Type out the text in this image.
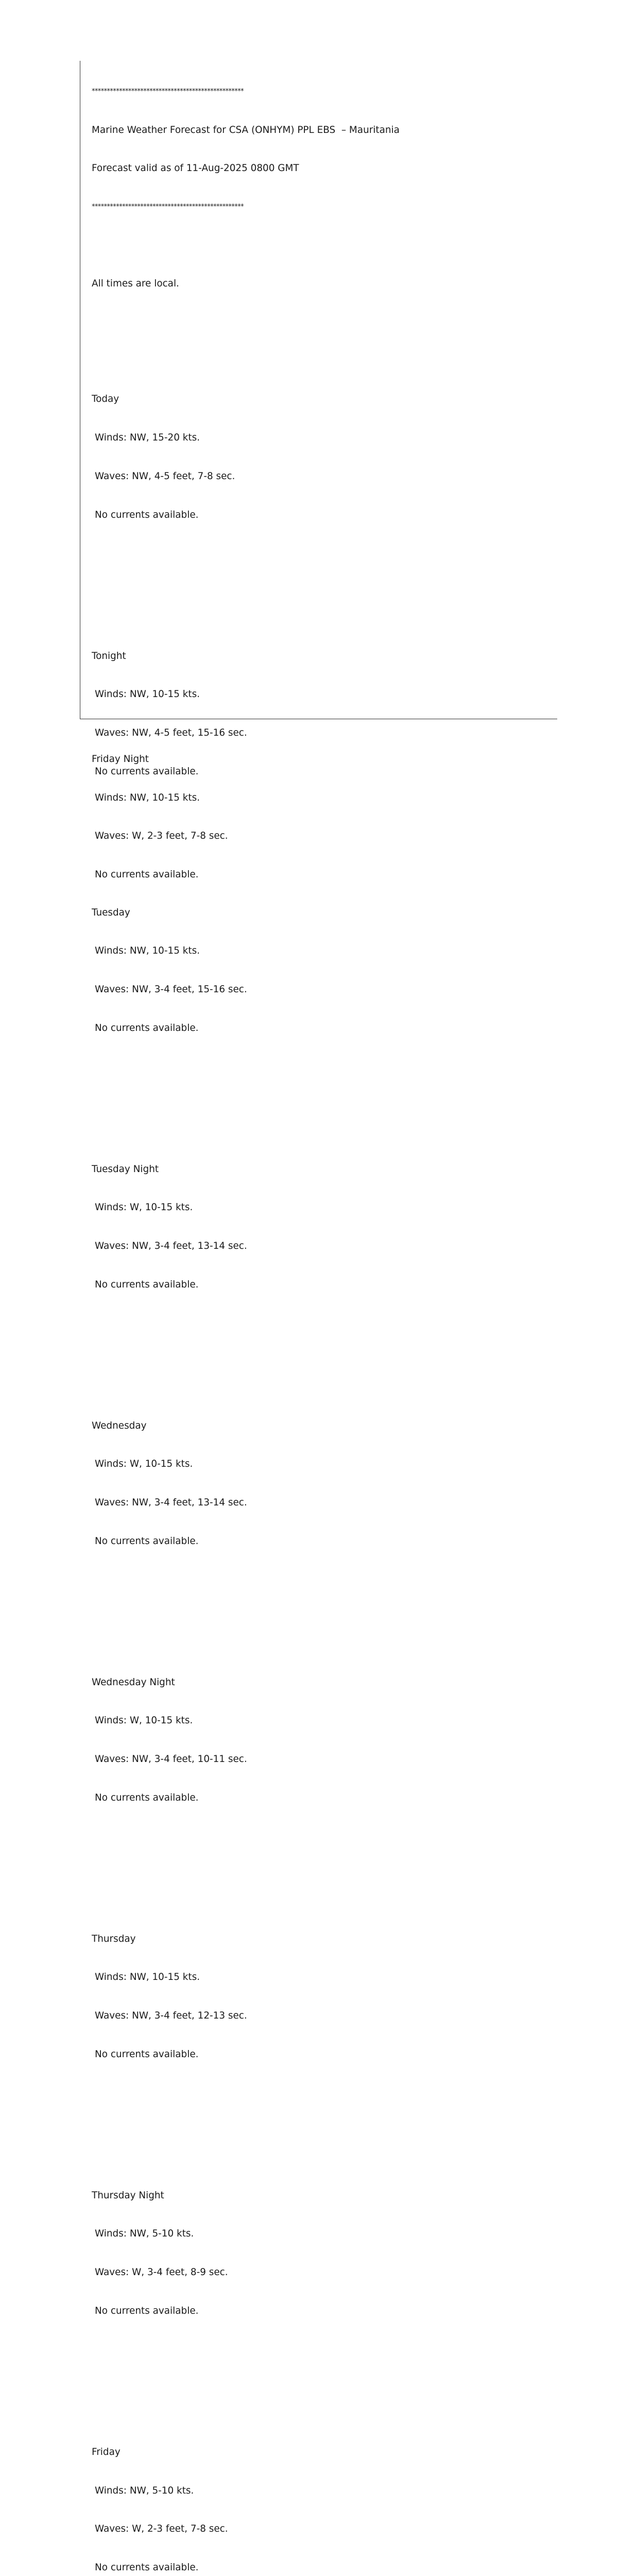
**************************************************

Marine Weather Forecast for CSA (ONHYM) PPL EBS  – Mauritania

Forecast valid as of 11-Aug-2025 0800 GMT

**************************************************

All times are local.

Today

Winds: NW, 15-20 kts.

Waves: NW, 4-5 feet, 7-8 sec.

No currents available.

Tonight

Winds: NW, 10-15 kts.

Waves: NW, 4-5 feet, 15-16 sec.

No currents available.

Tuesday

Winds: NW, 10-15 kts.

Waves: NW, 3-4 feet, 15-16 sec.

No currents available.

Tuesday Night

Winds: W, 10-15 kts.

Waves: NW, 3-4 feet, 13-14 sec.

No currents available.

Wednesday

Winds: W, 10-15 kts.

Waves: NW, 3-4 feet, 13-14 sec.

No currents available.

Wednesday Night

Winds: W, 10-15 kts.

Waves: NW, 3-4 feet, 10-11 sec.

No currents available.

Thursday

Winds: NW, 10-15 kts.

Waves: NW, 3-4 feet, 12-13 sec.

No currents available.

Thursday Night

Winds: NW, 5-10 kts.

Waves: W, 3-4 feet, 8-9 sec.

No currents available.

Friday

Winds: NW, 5-10 kts.

Waves: W, 2-3 feet, 7-8 sec.

No currents available.

Friday Night

Winds: NW, 10-15 kts.

Waves: W, 2-3 feet, 7-8 sec.

No currents available.
